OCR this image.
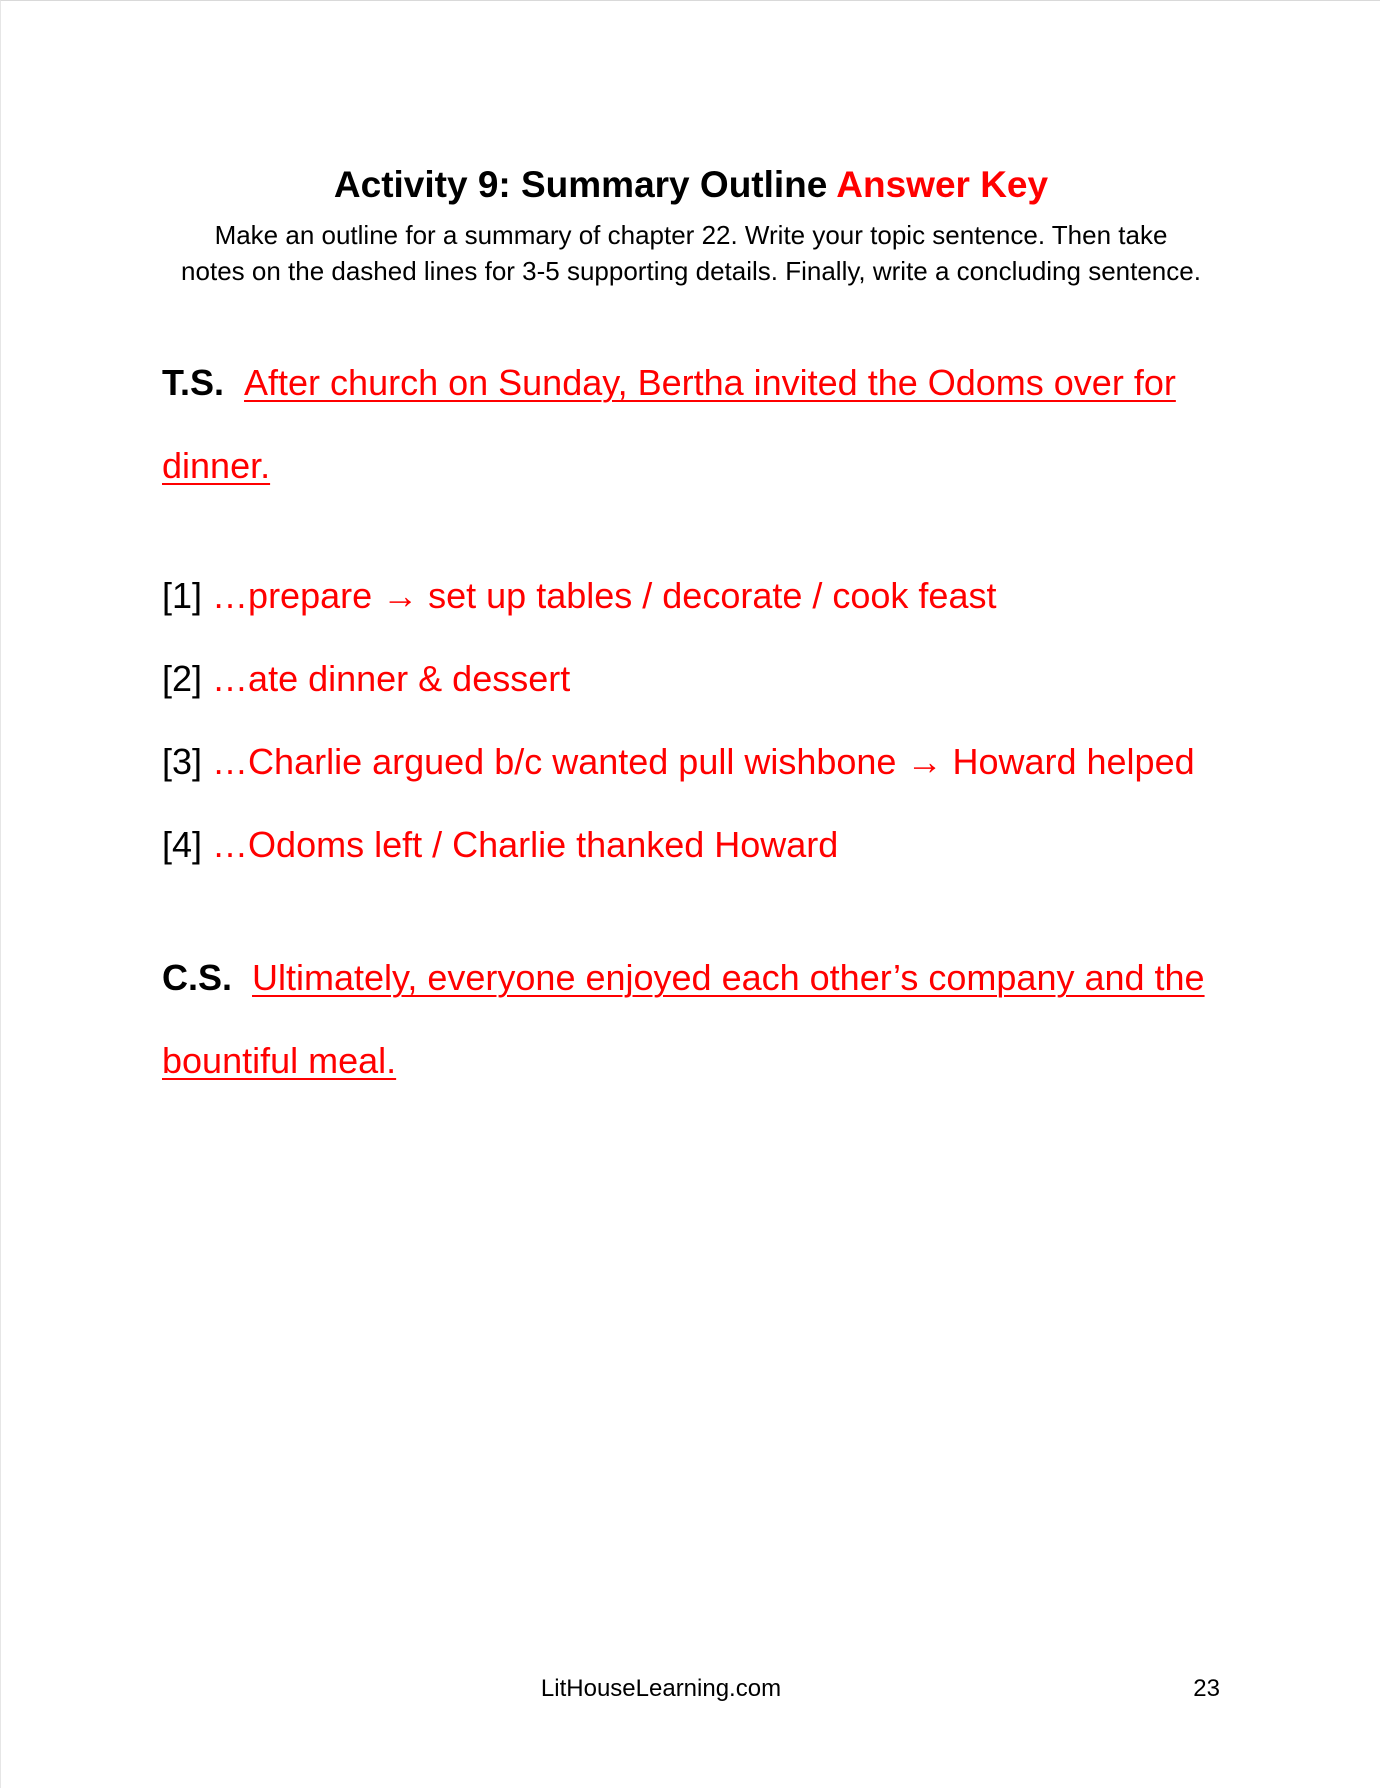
Activity 9: Summary Outline Answer Key
Make an outline for a summary of chapter 22. Write your topic sentence. Then take notes on the dashed lines for 3-5 supporting details. Finally, write a concluding sentence.
T.S. After church on Sunday, Bertha invited the Odoms over for dinner.
[1] …prepare → set up tables / decorate / cook feast
[2] …ate dinner & dessert
[3] …Charlie argued b/c wanted pull wishbone → Howard helped
[4] …Odoms left / Charlie thanked Howard
C.S. Ultimately, everyone enjoyed each other’s company and the bountiful meal.
LitHouseLearning.com	23
